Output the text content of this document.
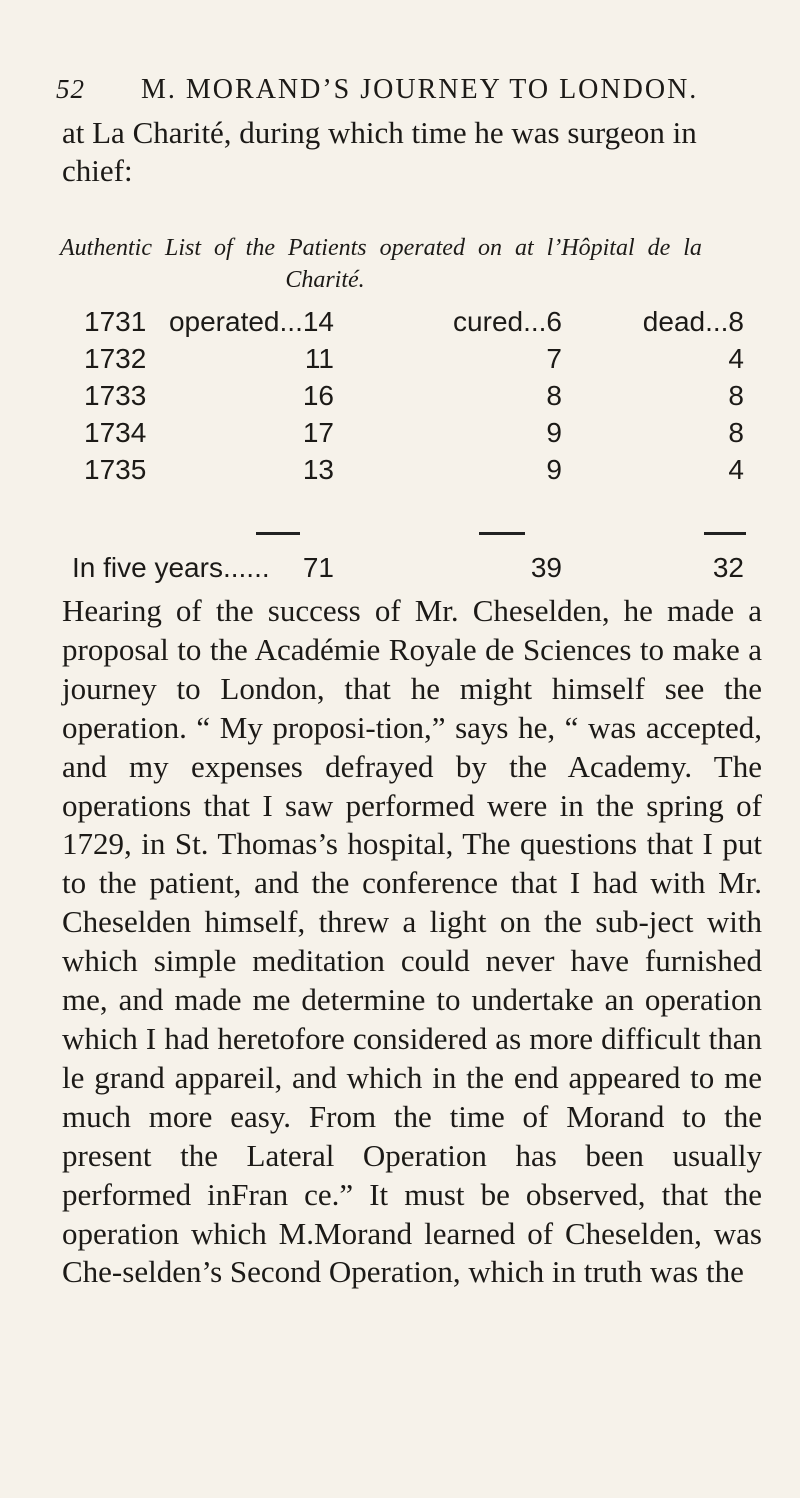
52	M. MORAND’S JOURNEY TO LONDON.

at La Charité, during which time he was surgeon in chief:

Authentic List of the Patients operated on at l’Hôpital de la
Charité.

1731 operated...14	cured...6	dead...8
1732	11	7	4
1733	16	8	8
1734	17	9	8
1735	13	9	4
In five years...... 71	39	32

Hearing of the success of Mr. Cheselden, he made a proposal to the Académie Royale de Sciences to make a journey to London, that he might himself see the operation. “ My proposi-tion,” says he, “ was accepted, and my expenses defrayed by the Academy. The operations that I saw performed were in the spring of 1729, in St. Thomas’s hospital, The questions that I put to the patient, and the conference that I had with Mr. Cheselden himself, threw a light on the sub-ject with which simple meditation could never have furnished me, and made me determine to undertake an operation which I had heretofore considered as more difficult than le grand appareil, and which in the end appeared to me much more easy. From the time of Morand to the present the Lateral Operation has been usually performed inFran ce.” It must be observed, that the operation which M.Morand learned of Cheselden, was Che-selden’s Second Operation, which in truth was the
